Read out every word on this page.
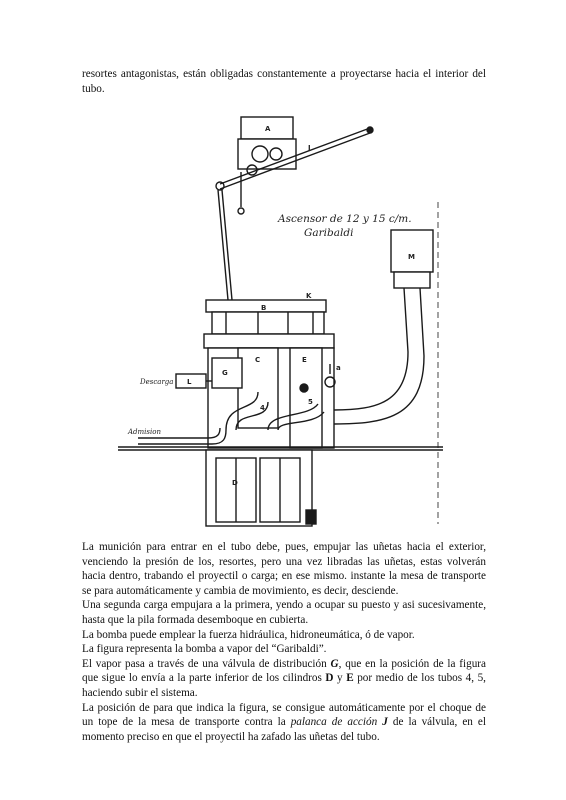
resortes antagonistas, están obligadas constantemente a proyectarse hacia el interior del tubo.

A
J
M
B
K
G
C	E
L
D
4
5
a
Descarga
Admision
Ascensor de 12 y 15 c/m.
Garibaldi

La munición para entrar en el tubo debe, pues, empujar las uñetas hacia el exterior, venciendo la presión de los, resortes, pero una vez libradas las uñetas, estas volverán hacia dentro, trabando el proyectil o carga; en ese mismo. instante la mesa de transporte se para automáticamente y cambia de movimiento, es decir, desciende.

Una segunda carga empujara a la primera, yendo a ocupar su puesto y asi sucesivamente, hasta que la pila formada desemboque en cubierta.

La bomba puede emplear la fuerza hidráulica, hidroneumática, ó de vapor.

La figura representa la bomba a vapor del “Garibaldi”.

El vapor pasa a través de una válvula de distribución G, que en la posición de la figura que sigue lo envía a la parte inferior de los cilindros D y E por medio de los tubos 4, 5, haciendo subir el sistema.

La posición de para que indica la figura, se consigue automáticamente por el choque de un tope de la mesa de transporte contra la palanca de acción J de la válvula, en el momento preciso en que el proyectil ha zafado las uñetas del tubo.
